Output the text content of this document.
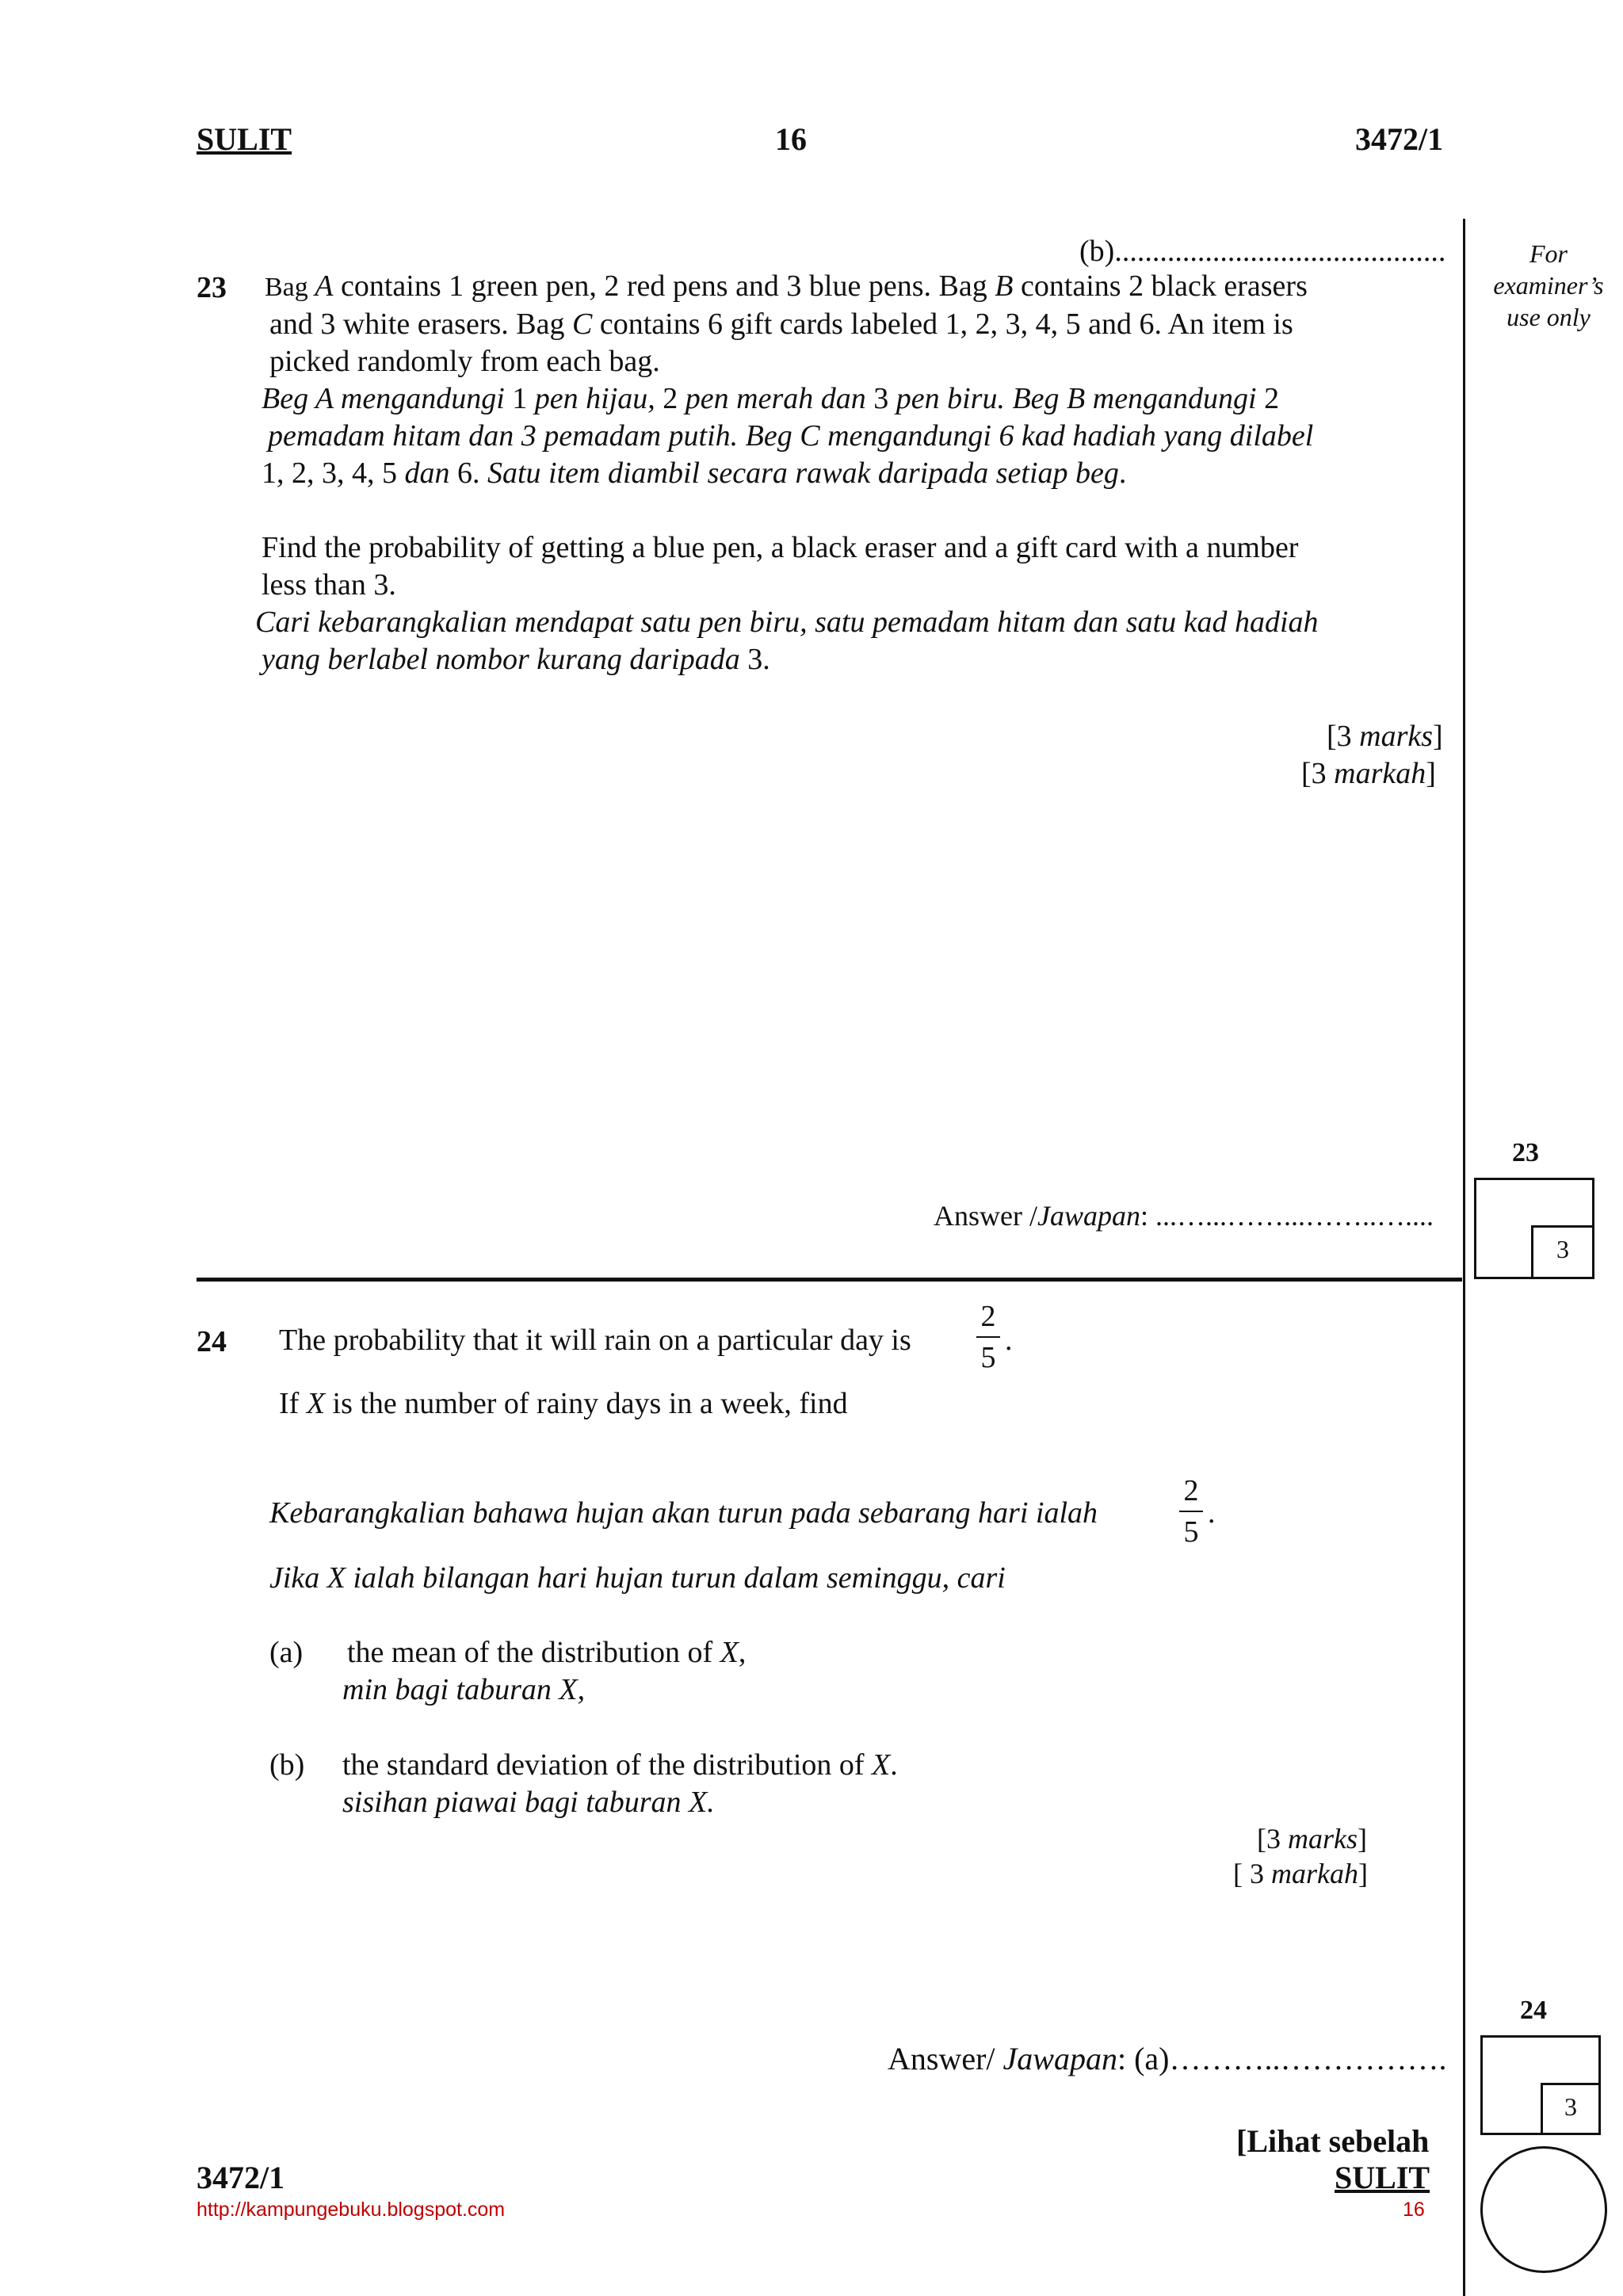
SULIT	16	3472/1
For
examiner’s
use only
(b)............................................
23 Bag A contains 1 green pen, 2 red pens and 3 blue pens. Bag B contains 2 black erasers
and 3 white erasers. Bag C contains 6 gift cards labeled 1, 2, 3, 4, 5 and 6. An item is
picked randomly from each bag.
Beg A mengandungi 1 pen hijau, 2 pen merah dan 3 pen biru. Beg B mengandungi 2
pemadam hitam dan 3 pemadam putih. Beg C mengandungi 6 kad hadiah yang dilabel
1, 2, 3, 4, 5 dan 6. Satu item diambil secara rawak daripada setiap beg.
Find the probability of getting a blue pen, a black eraser and a gift card with a number
less than 3.
Cari kebarangkalian mendapat satu pen biru, satu pemadam hitam dan satu kad hadiah
yang berlabel nombor kurang daripada 3.
[3 marks]
[3 markah]
Answer /Jawapan: ...…...……...……..…....
23
3
24 The probability that it will rain on a particular day is
2
5
.
If X is the number of rainy days in a week, find
Kebarangkalian bahawa hujan akan turun pada sebarang hari ialah
2
5
.
Jika X ialah bilangan hari hujan turun dalam seminggu, cari
(a) the mean of the distribution of X,
min bagi taburan X,
(b) the standard deviation of the distribution of X.
sisihan piawai bagi taburan X.
[3 marks]
[ 3 markah]
Answer/ Jawapan: (a)………..…………….
24
3
[Lihat sebelah
3472/1	SULIT
http://kampungebuku.blogspot.com	16
